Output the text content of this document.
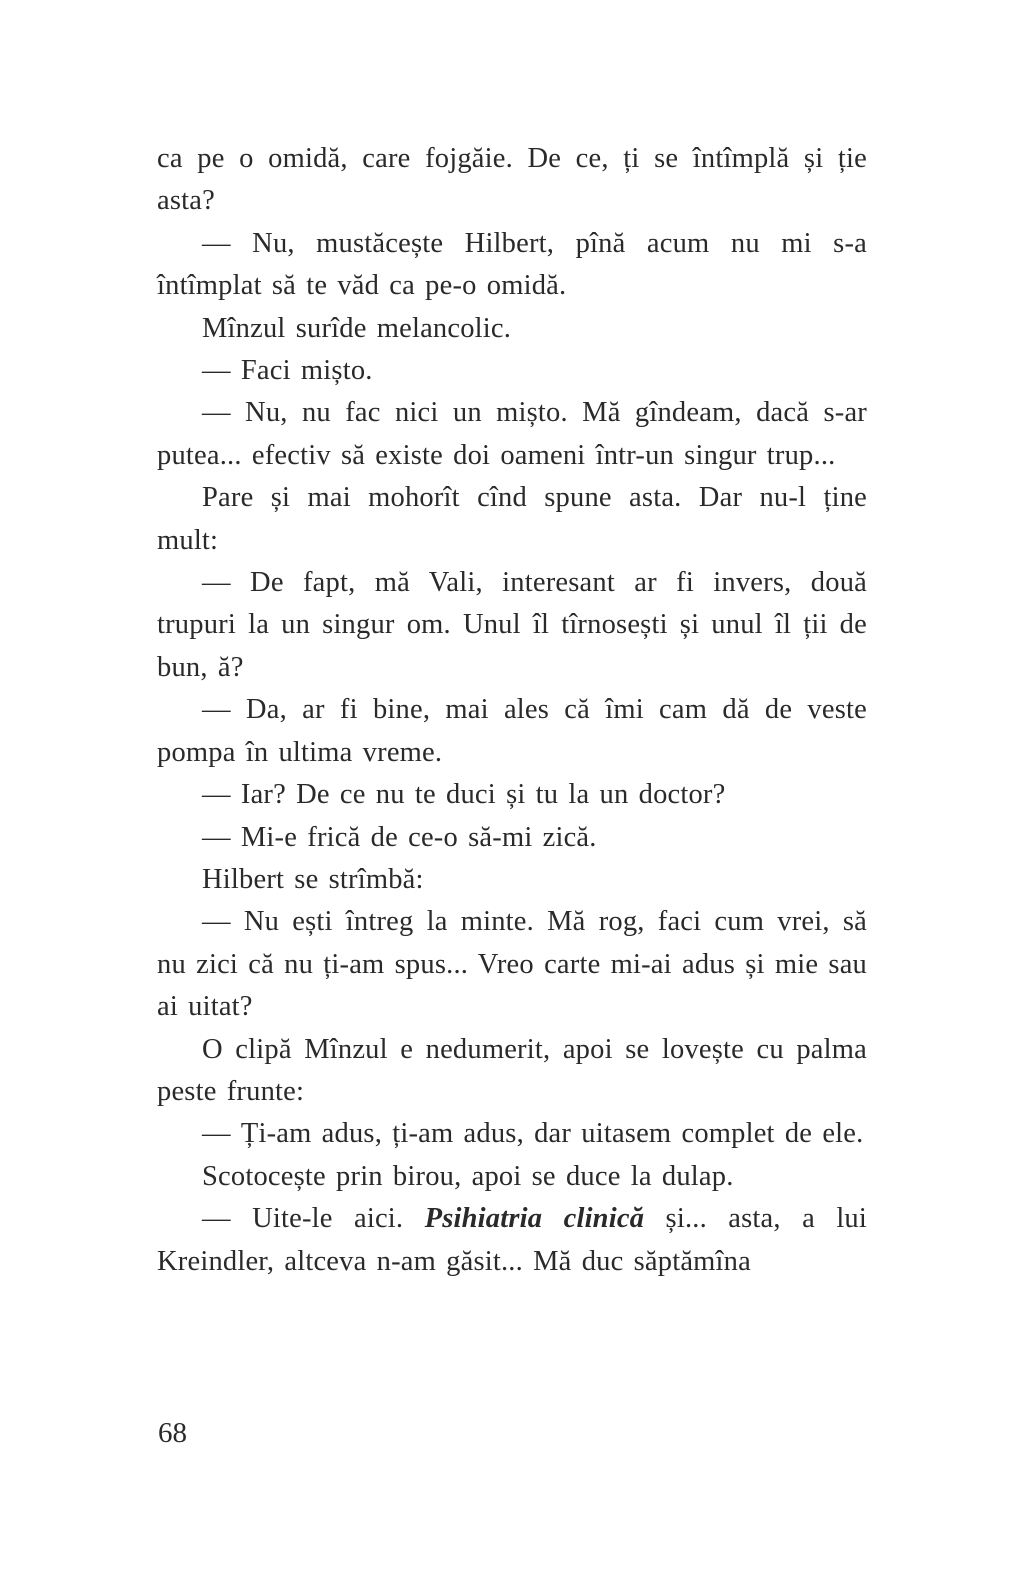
ca pe o omidă, care fojgăie. De ce, ți se întîmplă și ție asta?

— Nu, mustăcește Hilbert, pînă acum nu mi s-a întîmplat să te văd ca pe-o omidă.

Mînzul surîde melancolic.

— Faci mișto.

— Nu, nu fac nici un mișto. Mă gîndeam, dacă s-ar putea... efectiv să existe doi oameni într-un singur trup...

Pare și mai mohorît cînd spune asta. Dar nu-l ține mult:

— De fapt, mă Vali, interesant ar fi invers, două trupuri la un singur om. Unul îl tîrnosești și unul îl ții de bun, ă?

— Da, ar fi bine, mai ales că îmi cam dă de veste pompa în ultima vreme.

— Iar? De ce nu te duci și tu la un doctor?

— Mi-e frică de ce-o să-mi zică.

Hilbert se strîmbă:

— Nu ești întreg la minte. Mă rog, faci cum vrei, să nu zici că nu ți-am spus... Vreo carte mi-ai adus și mie sau ai uitat?

O clipă Mînzul e nedumerit, apoi se lovește cu palma peste frunte:

— Ți-am adus, ți-am adus, dar uitasem complet de ele.

Scotocește prin birou, apoi se duce la dulap.

— Uite-le aici. Psihiatria clinică și... asta, a lui Kreindler, altceva n-am găsit... Mă duc săptămîna

68
